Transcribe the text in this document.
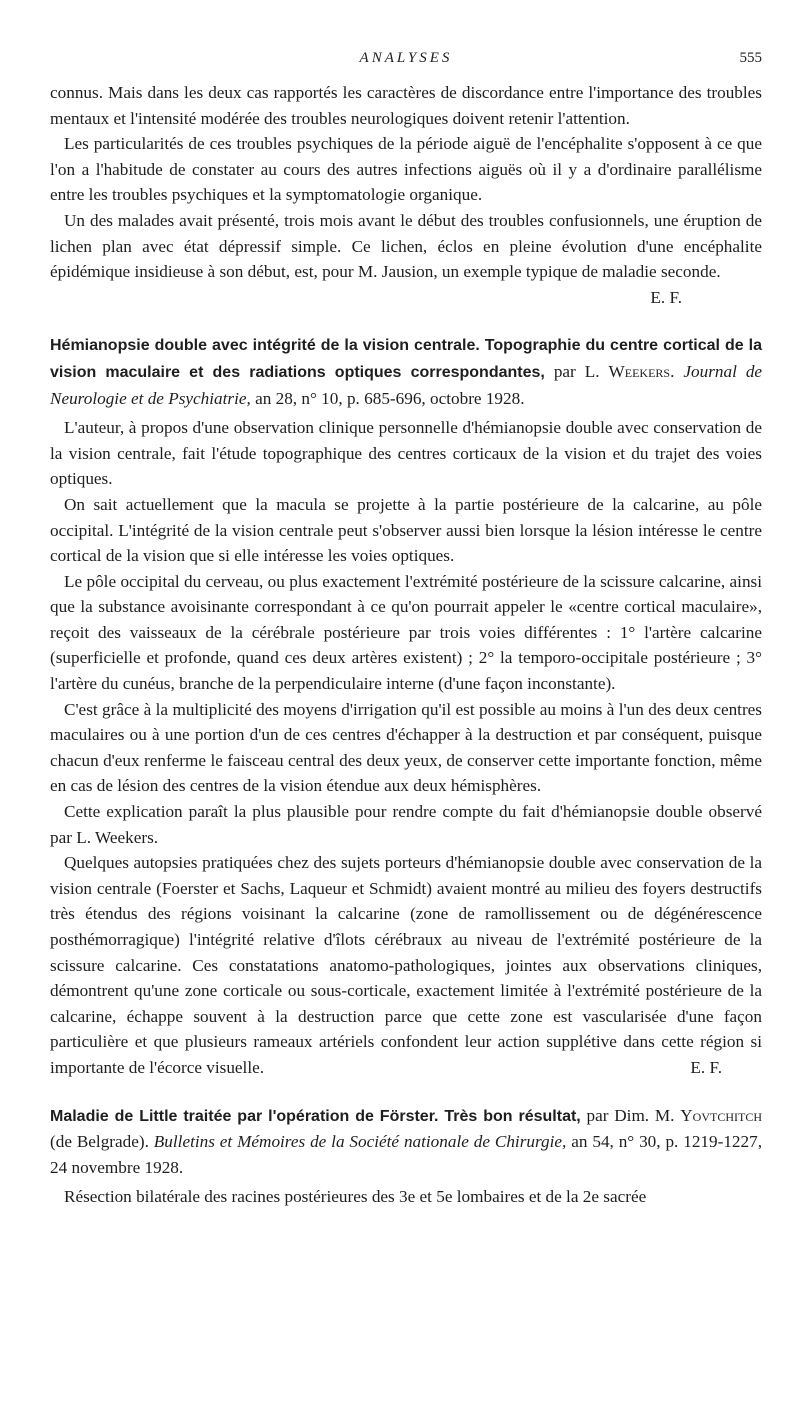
ANALYSES	555

connus. Mais dans les deux cas rapportés les caractères de discordance entre l'importance des troubles mentaux et l'intensité modérée des troubles neurologiques doivent retenir l'attention.

Les particularités de ces troubles psychiques de la période aiguë de l'encéphalite s'opposent à ce que l'on a l'habitude de constater au cours des autres infections aiguës où il y a d'ordinaire parallélisme entre les troubles psychiques et la symptomatologie organique.

Un des malades avait présenté, trois mois avant le début des troubles confusionnels, une éruption de lichen plan avec état dépressif simple. Ce lichen, éclos en pleine évolution d'une encéphalite épidémique insidieuse à son début, est, pour M. Jausion, un exemple typique de maladie seconde.
E. F.

Hémianopsie double avec intégrité de la vision centrale. Topographie du centre cortical de la vision maculaire et des radiations optiques correspondantes, par L. Weekers. Journal de Neurologie et de Psychiatrie, an 28, n° 10, p. 685-696, octobre 1928.

L'auteur, à propos d'une observation clinique personnelle d'hémianopsie double avec conservation de la vision centrale, fait l'étude topographique des centres corticaux de la vision et du trajet des voies optiques.

On sait actuellement que la macula se projette à la partie postérieure de la calcarine, au pôle occipital. L'intégrité de la vision centrale peut s'observer aussi bien lorsque la lésion intéresse le centre cortical de la vision que si elle intéresse les voies optiques.

Le pôle occipital du cerveau, ou plus exactement l'extrémité postérieure de la scissure calcarine, ainsi que la substance avoisinante correspondant à ce qu'on pourrait appeler le «centre cortical maculaire», reçoit des vaisseaux de la cérébrale postérieure par trois voies différentes : 1° l'artère calcarine (superficielle et profonde, quand ces deux artères existent) ; 2° la temporo-occipitale postérieure ; 3° l'artère du cunéus, branche de la perpendiculaire interne (d'une façon inconstante).

C'est grâce à la multiplicité des moyens d'irrigation qu'il est possible au moins à l'un des deux centres maculaires ou à une portion d'un de ces centres d'échapper à la destruction et par conséquent, puisque chacun d'eux renferme le faisceau central des deux yeux, de conserver cette importante fonction, même en cas de lésion des centres de la vision étendue aux deux hémisphères.

Cette explication paraît la plus plausible pour rendre compte du fait d'hémianopsie double observé par L. Weekers.

Quelques autopsies pratiquées chez des sujets porteurs d'hémianopsie double avec conservation de la vision centrale (Foerster et Sachs, Laqueur et Schmidt) avaient montré au milieu des foyers destructifs très étendus des régions voisinant la calcarine (zone de ramollissement ou de dégénérescence posthémorragique) l'intégrité relative d'îlots cérébraux au niveau de l'extrémité postérieure de la scissure calcarine. Ces constatations anatomo-pathologiques, jointes aux observations cliniques, démontrent qu'une zone corticale ou sous-corticale, exactement limitée à l'extrémité postérieure de la calcarine, échappe souvent à la destruction parce que cette zone est vascularisée d'une façon particulière et que plusieurs rameaux artériels confondent leur action supplétive dans cette région si importante de l'écorce visuelle.	E. F.

Maladie de Little traitée par l'opération de Förster. Très bon résultat, par Dim. M. Yovtchitch (de Belgrade). Bulletins et Mémoires de la Société nationale de Chirurgie, an 54, n° 30, p. 1219-1227, 24 novembre 1928.

Résection bilatérale des racines postérieures des 3e et 5e lombaires et de la 2e sacrée
